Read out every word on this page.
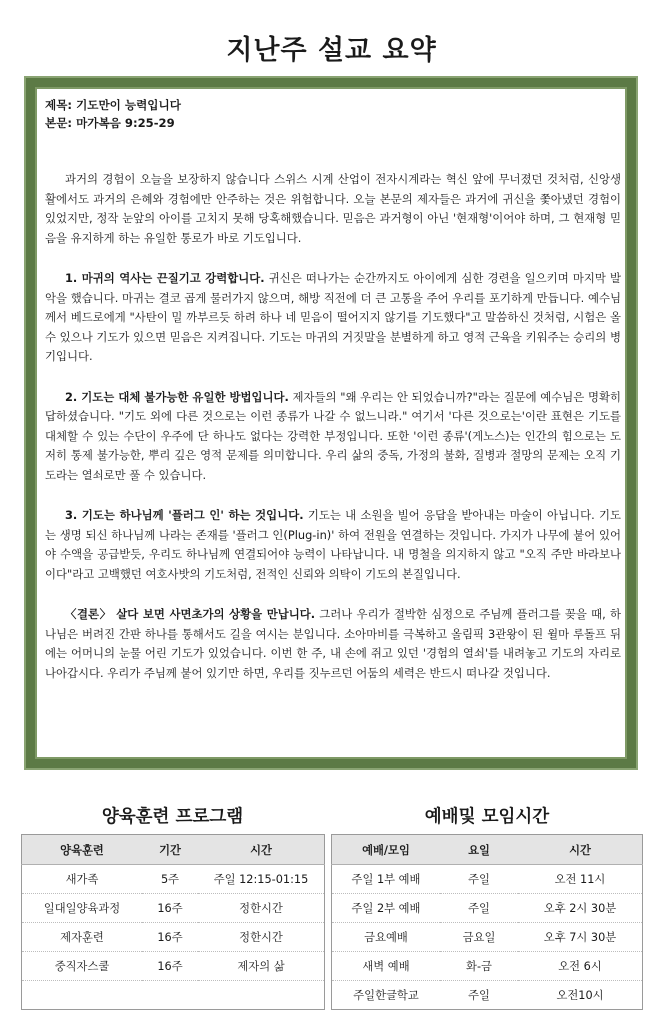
지난주 설교 요약
제목: 기도만이 능력입니다
본문: 마가복음 9:25-29

과거의 경험이 오늘을 보장하지 않습니다 스위스 시계 산업이 전자시계라는 혁신 앞에 무너졌던 것처럼, 신앙생활에서도 과거의 은혜와 경험에만 안주하는 것은 위험합니다. 오늘 본문의 제자들은 과거에 귀신을 쫓아냈던 경험이 있었지만, 정작 눈앞의 아이를 고치지 못해 당혹해했습니다. 믿음은 과거형이 아닌 '현재형'이어야 하며, 그 현재형 믿음을 유지하게 하는 유일한 통로가 바로 기도입니다.

1. 마귀의 역사는 끈질기고 강력합니다. 귀신은 떠나가는 순간까지도 아이에게 심한 경련을 일으키며 마지막 발악을 했습니다. 마귀는 결코 곱게 물러가지 않으며, 해방 직전에 더 큰 고통을 주어 우리를 포기하게 만듭니다. 예수님께서 베드로에게 "사탄이 밀 까부르듯 하려 하나 네 믿음이 떨어지지 않기를 기도했다"고 말씀하신 것처럼, 시험은 올 수 있으나 기도가 있으면 믿음은 지켜집니다. 기도는 마귀의 거짓말을 분별하게 하고 영적 근육을 키워주는 승리의 병기입니다.

2. 기도는 대체 불가능한 유일한 방법입니다. 제자들의 "왜 우리는 안 되었습니까?"라는 질문에 예수님은 명확히 답하셨습니다. "기도 외에 다른 것으로는 이런 종류가 나갈 수 없느니라." 여기서 '다른 것으로는'이란 표현은 기도를 대체할 수 있는 수단이 우주에 단 하나도 없다는 강력한 부정입니다. 또한 '이런 종류'(게노스)는 인간의 힘으로는 도저히 통제 불가능한, 뿌리 깊은 영적 문제를 의미합니다. 우리 삶의 중독, 가정의 불화, 질병과 절망의 문제는 오직 기도라는 열쇠로만 풀 수 있습니다.

3. 기도는 하나님께 '플러그 인' 하는 것입니다. 기도는 내 소원을 빌어 응답을 받아내는 마술이 아닙니다. 기도는 생명 되신 하나님께 나라는 존재를 '플러그 인(Plug-in)' 하여 전원을 연결하는 것입니다. 가지가 나무에 붙어 있어야 수액을 공급받듯, 우리도 하나님께 연결되어야 능력이 나타납니다. 내 명철을 의지하지 않고 "오직 주만 바라보나이다"라고 고백했던 여호사밧의 기도처럼, 전적인 신뢰와 의탁이 기도의 본질입니다.

〈결론〉 살다 보면 사면초가의 상황을 만납니다. 그러나 우리가 절박한 심정으로 주님께 플러그를 꽂을 때, 하나님은 버려진 간판 하나를 통해서도 길을 여시는 분입니다. 소아마비를 극복하고 올림픽 3관왕이 된 윌마 루돌프 뒤에는 어머니의 눈물 어린 기도가 있었습니다. 이번 한 주, 내 손에 쥐고 있던 '경험의 열쇠'를 내려놓고 기도의 자리로 나아갑시다. 우리가 주님께 붙어 있기만 하면, 우리를 짓누르던 어둠의 세력은 반드시 떠나갈 것입니다.

양육훈련 프로그램	예배및 모임시간
양육훈련	기간	시간
새가족	5주	주일 12:15-01:15
일대일양육과정	16주	정한시간
제자훈련	16주	정한시간
중직자스쿨	16주	제자의 삶

예배/모임	요일	시간
주일 1부 예배	주일	오전 11시
주일 2부 예배	주일	오후 2시 30분
금요예배	금요일	오후 7시 30분
새벽 예배	화-금	오전 6시
주일한글학교	주일	오전10시
